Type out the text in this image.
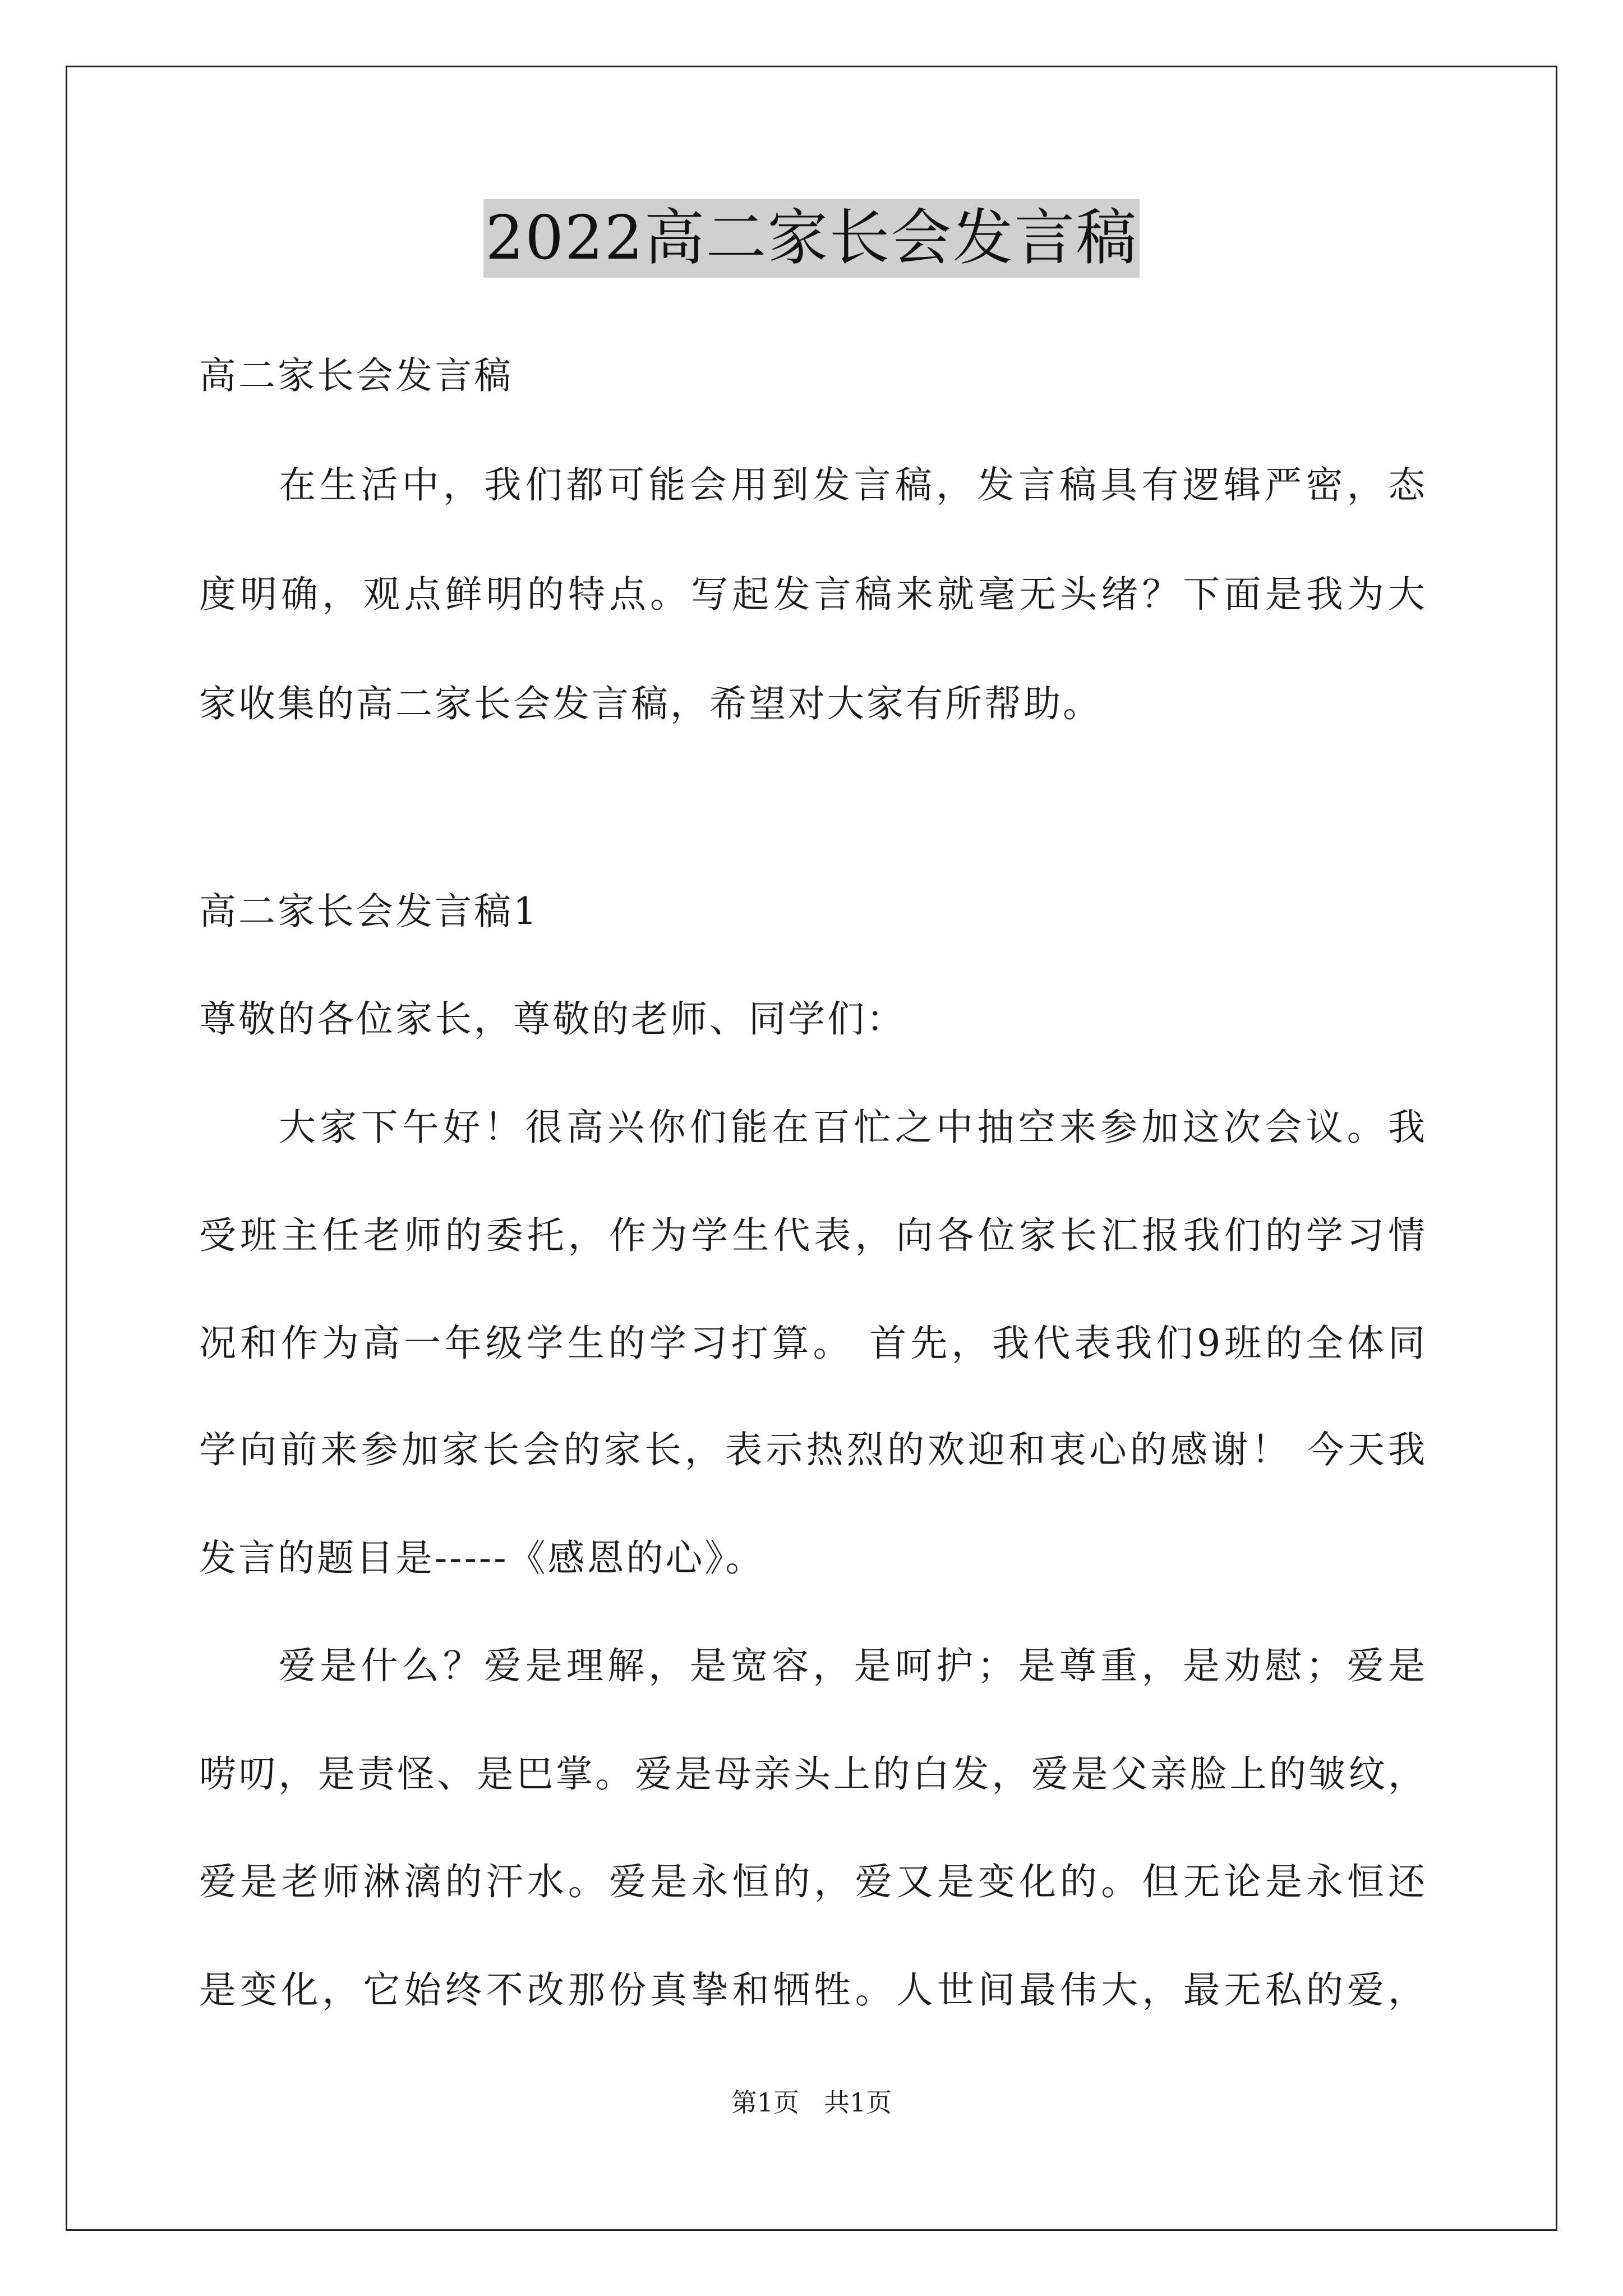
2022高二家长会发言稿
高二家长会发言稿
在生活中，我们都可能会用到发言稿，发言稿具有逻辑严密，态
度明确，观点鲜明的特点。写起发言稿来就毫无头绪？下面是我为大
家收集的高二家长会发言稿，希望对大家有所帮助。
高二家长会发言稿1
尊敬的各位家长，尊敬的老师、同学们：
大家下午好！很高兴你们能在百忙之中抽空来参加这次会议。我
受班主任老师的委托，作为学生代表，向各位家长汇报我们的学习情
况和作为高一年级学生的学习打算。 首先，我代表我们9班的全体同
学向前来参加家长会的家长，表示热烈的欢迎和衷心的感谢！ 今天我
发言的题目是-----《感恩的心》。
爱是什么？爱是理解，是宽容，是呵护；是尊重，是劝慰；爱是
唠叨，是责怪、是巴掌。爱是母亲头上的白发，爱是父亲脸上的皱纹，
爱是老师淋漓的汗水。爱是永恒的，爱又是变化的。但无论是永恒还
是变化，它始终不改那份真挚和牺牲。人世间最伟大，最无私的爱，
第1页 共1页
